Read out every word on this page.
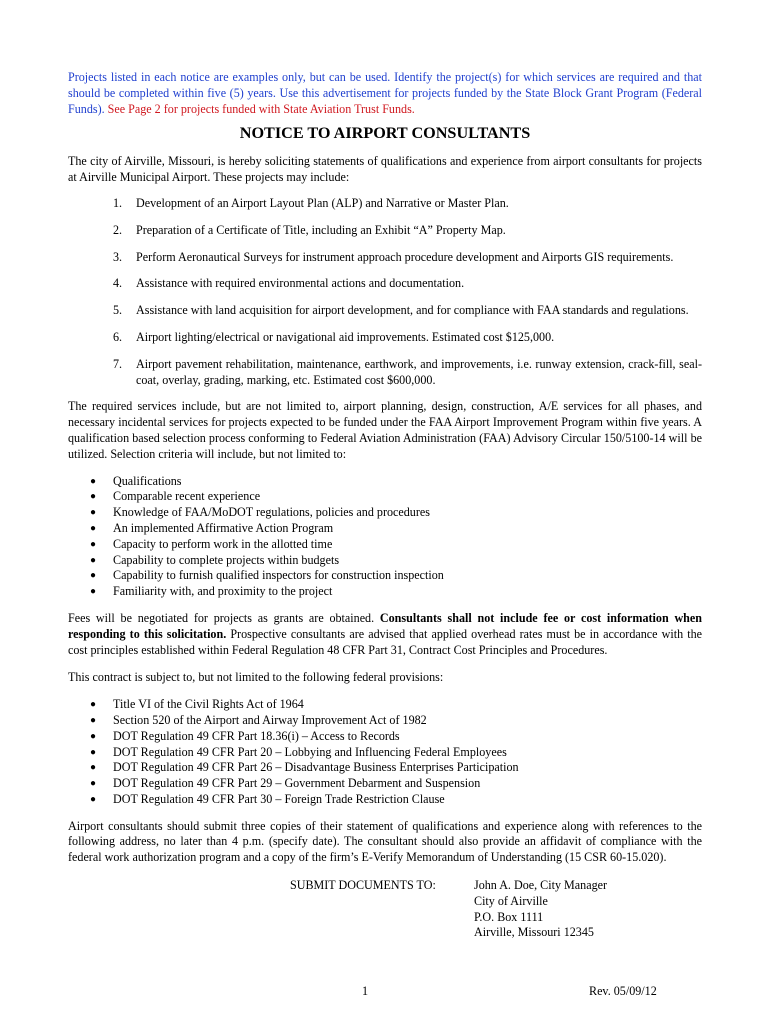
Projects listed in each notice are examples only, but can be used. Identify the project(s) for which services are required and that should be completed within five (5) years. Use this advertisement for projects funded by the State Block Grant Program (Federal Funds). See Page 2 for projects funded with State Aviation Trust Funds.

NOTICE TO AIRPORT CONSULTANTS

The city of Airville, Missouri, is hereby soliciting statements of qualifications and experience from airport consultants for projects at Airville Municipal Airport. These projects may include:

1. Development of an Airport Layout Plan (ALP) and Narrative or Master Plan.
2. Preparation of a Certificate of Title, including an Exhibit “A” Property Map.
3. Perform Aeronautical Surveys for instrument approach procedure development and Airports GIS requirements.
4. Assistance with required environmental actions and documentation.
5. Assistance with land acquisition for airport development, and for compliance with FAA standards and regulations.
6. Airport lighting/electrical or navigational aid improvements. Estimated cost $125,000.
7. Airport pavement rehabilitation, maintenance, earthwork, and improvements, i.e. runway extension, crack-fill, seal-coat, overlay, grading, marking, etc. Estimated cost $600,000.

The required services include, but are not limited to, airport planning, design, construction, A/E services for all phases, and necessary incidental services for projects expected to be funded under the FAA Airport Improvement Program within five years. A qualification based selection process conforming to Federal Aviation Administration (FAA) Advisory Circular 150/5100-14 will be utilized. Selection criteria will include, but not limited to:

● Qualifications
● Comparable recent experience
● Knowledge of FAA/MoDOT regulations, policies and procedures
● An implemented Affirmative Action Program
● Capacity to perform work in the allotted time
● Capability to complete projects within budgets
● Capability to furnish qualified inspectors for construction inspection
● Familiarity with, and proximity to the project

Fees will be negotiated for projects as grants are obtained. Consultants shall not include fee or cost information when responding to this solicitation. Prospective consultants are advised that applied overhead rates must be in accordance with the cost principles established within Federal Regulation 48 CFR Part 31, Contract Cost Principles and Procedures.

This contract is subject to, but not limited to the following federal provisions:

● Title VI of the Civil Rights Act of 1964
● Section 520 of the Airport and Airway Improvement Act of 1982
● DOT Regulation 49 CFR Part 18.36(i) – Access to Records
● DOT Regulation 49 CFR Part 20 – Lobbying and Influencing Federal Employees
● DOT Regulation 49 CFR Part 26 – Disadvantage Business Enterprises Participation
● DOT Regulation 49 CFR Part 29 – Government Debarment and Suspension
● DOT Regulation 49 CFR Part 30 – Foreign Trade Restriction Clause

Airport consultants should submit three copies of their statement of qualifications and experience along with references to the following address, no later than 4 p.m. (specify date). The consultant should also provide an affidavit of compliance with the federal work authorization program and a copy of the firm’s E-Verify Memorandum of Understanding (15 CSR 60-15.020).

SUBMIT DOCUMENTS TO:	John A. Doe, City Manager
City of Airville
P.O. Box 1111
Airville, Missouri 12345
1	Rev. 05/09/12
